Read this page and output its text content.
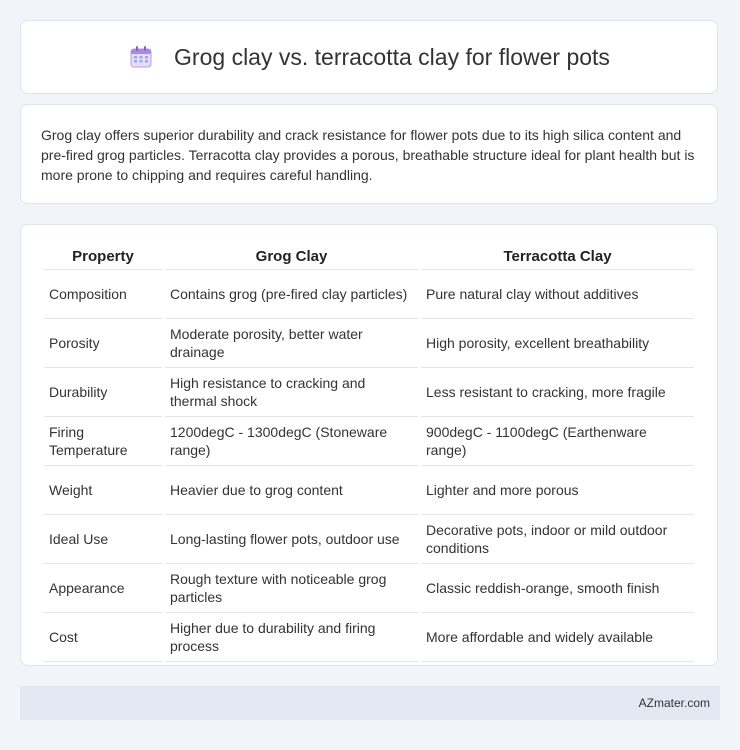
Grog clay vs. terracotta clay for flower pots

Grog clay offers superior durability and crack resistance for flower pots due to its high silica content and pre-fired grog particles. Terracotta clay provides a porous, breathable structure ideal for plant health but is more prone to chipping and requires careful handling.

Property	Grog Clay	Terracotta Clay
Composition	Contains grog (pre-fired clay particles)	Pure natural clay without additives
Porosity	Moderate porosity, better water drainage	High porosity, excellent breathability
Durability	High resistance to cracking and thermal shock	Less resistant to cracking, more fragile
Firing Temperature	1200degC - 1300degC (Stoneware range)	900degC - 1100degC (Earthenware range)
Weight	Heavier due to grog content	Lighter and more porous
Ideal Use	Long-lasting flower pots, outdoor use	Decorative pots, indoor or mild outdoor conditions
Appearance	Rough texture with noticeable grog particles	Classic reddish-orange, smooth finish
Cost	Higher due to durability and firing process	More affordable and widely available
AZmater.com
